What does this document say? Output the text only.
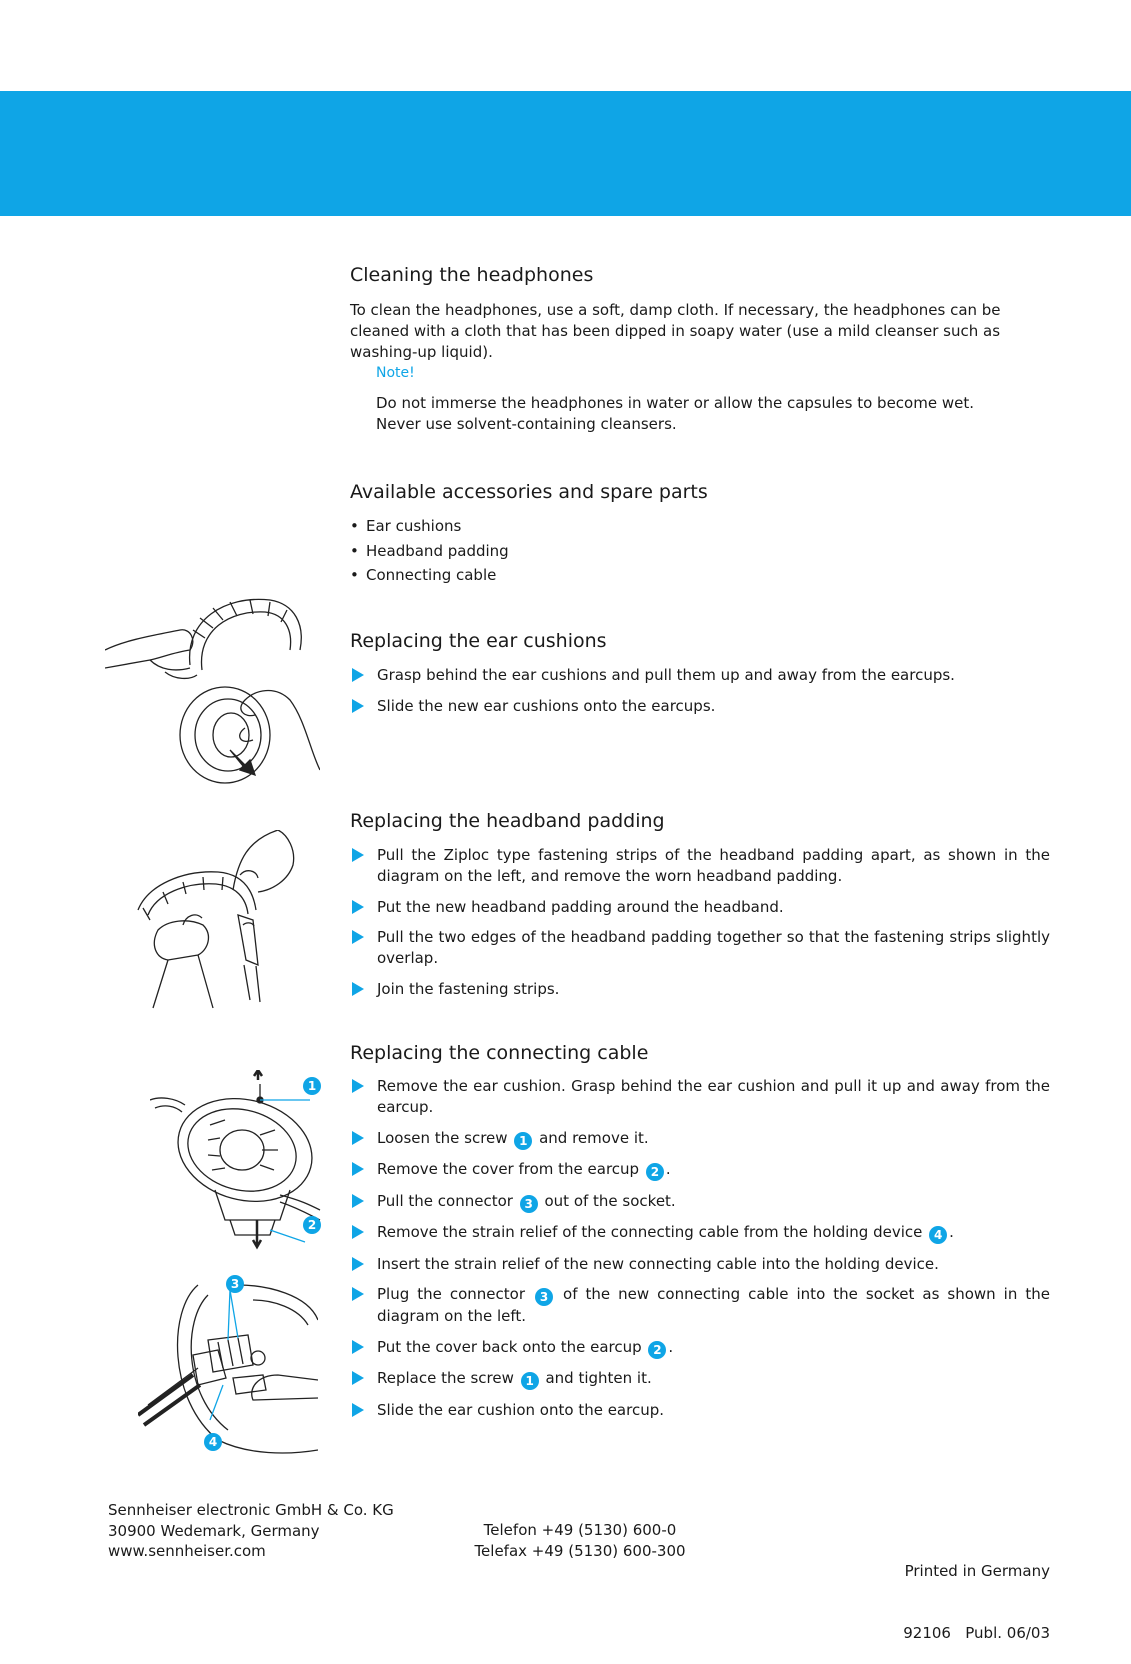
Cleaning the headphones
To clean the headphones, use a soft, damp cloth. If necessary, the headphones can be cleaned with a cloth that has been dipped in soapy water (use a mild cleanser such as washing-up liquid).
Note!
Do not immerse the headphones in water or allow the capsules to become wet.
Never use solvent-containing cleansers.
Available accessories and spare parts
• Ear cushions
• Headband padding
• Connecting cable
Replacing the ear cushions
Grasp behind the ear cushions and pull them up and away from the earcups.
Slide the new ear cushions onto the earcups.
Replacing the headband padding
Pull the Ziploc type fastening strips of the headband padding apart, as shown in the diagram on the left, and remove the worn headband padding.
Put the new headband padding around the headband.
Pull the two edges of the headband padding together so that the fastening strips slightly overlap.
Join the fastening strips.
1
2
3
4
Replacing the connecting cable
Remove the ear cushion. Grasp behind the ear cushion and pull it up and away from the earcup.
Loosen the screw 1 and remove it.
Remove the cover from the earcup 2 .
Pull the connector 3 out of the socket.
Remove the strain relief of the connecting cable from the holding device 4 .
Insert the strain relief of the new connecting cable into the holding device.
Plug the connector 3 of the new connecting cable into the socket as shown in the diagram on the left.
Put the cover back onto the earcup 2 .
Replace the screw 1 and tighten it.
Slide the ear cushion onto the earcup.
Sennheiser electronic GmbH & Co. KG
30900 Wedemark, Germany
www.sennheiser.com
Telefon +49 (5130) 600-0
Telefax +49 (5130) 600-300

Printed in Germany

92106   Publ. 06/03
